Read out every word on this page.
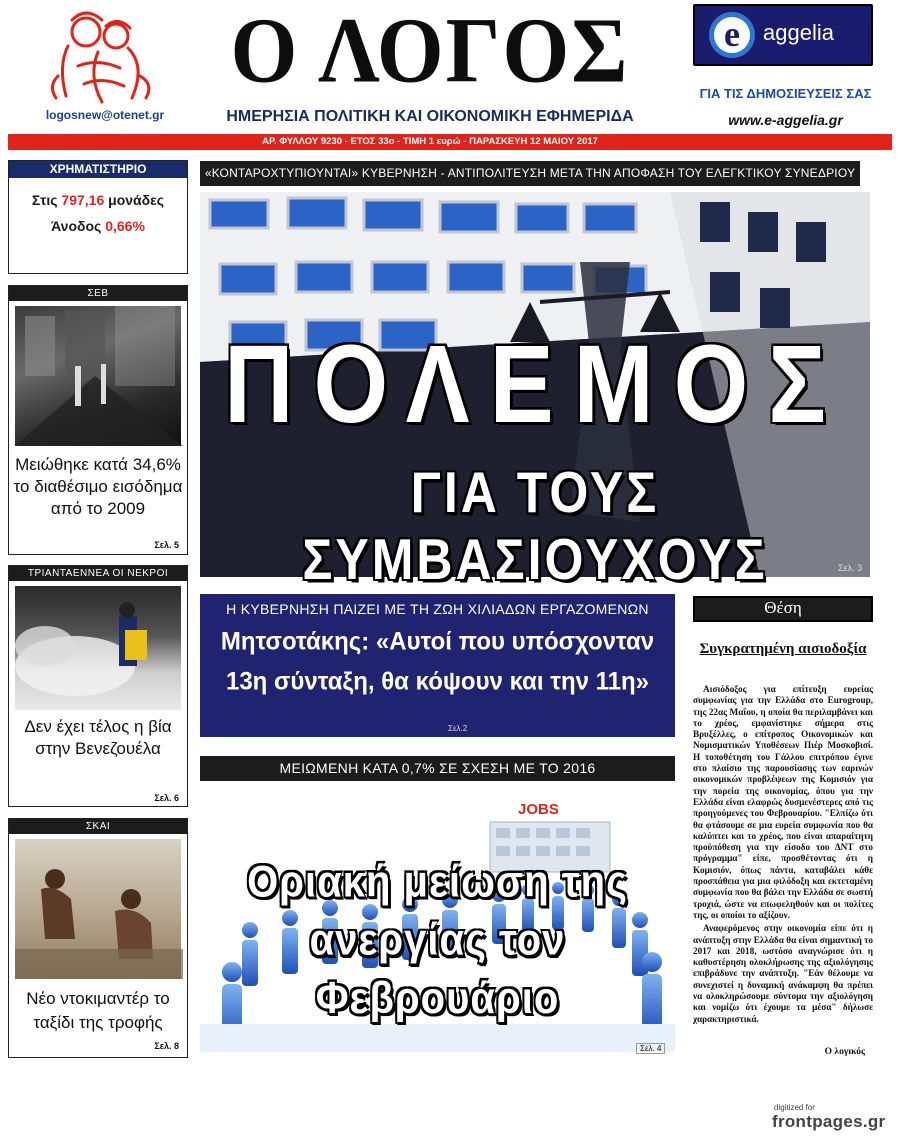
logosnew@otenet.gr
Ο ΛΟΓΟΣ
ΗΜΕΡΗΣΙΑ ΠΟΛΙΤΙΚΗ ΚΑΙ ΟΙΚΟΝΟΜΙΚΗ ΕΦΗΜΕΡΙΔΑ
e	aggelia
ΓΙΑ ΤΙΣ ΔΗΜΟΣΙΕΥΣΕΙΣ ΣΑΣ
www.e-aggelia.gr
ΑΡ. ΦΥΛΛΟΥ 9230 - ΕΤΟΣ 33ο - ΤΙΜΗ 1 ευρώ - ΠΑΡΑΣΚΕΥΗ 12 ΜΑΙΟΥ 2017
ΧΡΗΜΑΤΙΣΤΗΡΙΟ
Στις 797,16 μονάδες
Άνοδος 0,66%
ΣΕΒ
Μειώθηκε κατά 34,6% το διαθέσιμο εισόδημα από το 2009
Σελ. 5
ΤΡΙΑΝΤΑΕΝΝΕΑ ΟΙ ΝΕΚΡΟΙ
Δεν έχει τέλος η βία στην Βενεζουέλα
Σελ. 6
ΣΚΑΙ
Νέο ντοκιμαντέρ το ταξίδι της τροφής
Σελ. 8
«ΚΟΝΤΑΡΟΧΤΥΠΙΟΥΝΤΑΙ» ΚΥΒΕΡΝΗΣΗ - ΑΝΤΙΠΟΛΙΤΕΥΣΗ ΜΕΤΑ ΤΗΝ ΑΠΟΦΑΣΗ ΤΟΥ ΕΛΕΓΚΤΙΚΟΥ ΣΥΝΕΔΡΙΟΥ
ΠΟΛΕΜΟΣ
ΓΙΑ ΤΟΥΣ ΣΥΜΒΑΣΙΟΥΧΟΥΣ	Σελ. 3
Η ΚΥΒΕΡΝΗΣΗ ΠΑΙΖΕΙ ΜΕ ΤΗ ΖΩΗ ΧΙΛΙΑΔΩΝ ΕΡΓΑΖΟΜΕΝΩΝ
Μητσοτάκης: «Αυτοί που υπόσχονταν 13η σύνταξη, θα κόψουν και την 11η»
Σελ.2
ΜΕΙΩΜΕΝΗ ΚΑΤΑ 0,7% ΣΕ ΣΧΕΣΗ ΜΕ ΤΟ 2016
JOBS
Οριακή μείωση της ανεργίας τον Φεβρουάριο
Σελ. 4
Θέση
Συγκρατημένη αισιοδοξία

Αισιόδοξος για επίτευξη ευρείας συμφωνίας για την Ελλάδα στο Eurogroup, της 22ας Μαΐου, η οποία θα περιλαμβάνει και το χρέος, εμφανίστηκε σήμερα στις Βρυξέλλες, ο επίτροπος Οικονομικών και Νομισματικών Υποθέσεων Πιέρ Μοσκοβισί. Η τοποθέτηση του Γάλλου επιτρόπου έγινε στο πλαίσιο της παρουσίασης των εαρινών οικονομικών προβλέψεων της Κομισιόν για την πορεία της οικονομίας, όπου για την Ελλάδα είναι ελαφρώς δυσμενέστερες από τις προηγούμενες του Φεβρουαρίου. "Ελπίζω ότι θα φτάσουμε σε μια ευρεία συμφωνία που θα καλύπτει και το χρέος, που είναι απαραίτητη προϋπόθεση για την είσοδο του ΔΝΤ στο πρόγραμμα" είπε, προσθέτοντας ότι η Κομισιόν, όπως πάντα, καταβάλει κάθε προσπάθεια για μια φιλόδοξη και εκτεταμένη συμφωνία που θα βάλει την Ελλάδα σε σωστή τροχιά, ώστε να επωφεληθούν και οι πολίτες της, οι οποίοι το αξίζουν.

Αναφερόμενος στην οικονομία είπε ότι η ανάπτυξη στην Ελλάδα θα είναι σημαντική το 2017 και 2018, ωστόσο αναγνώρισε ότι η καθυστέρηση ολοκλήρωσης της αξιολόγησης επιβράδυνε την ανάπτυξη. "Εάν θέλουμε να συνεχιστεί η δυναμική ανάκαμψη θα πρέπει να ολοκληρώσουμε σύντομα την αξιολόγηση και νομίζω ότι έχουμε τα μέσα" δήλωσε χαρακτηριστικά.

Ο λογικός
digitized for
frontpages.gr
